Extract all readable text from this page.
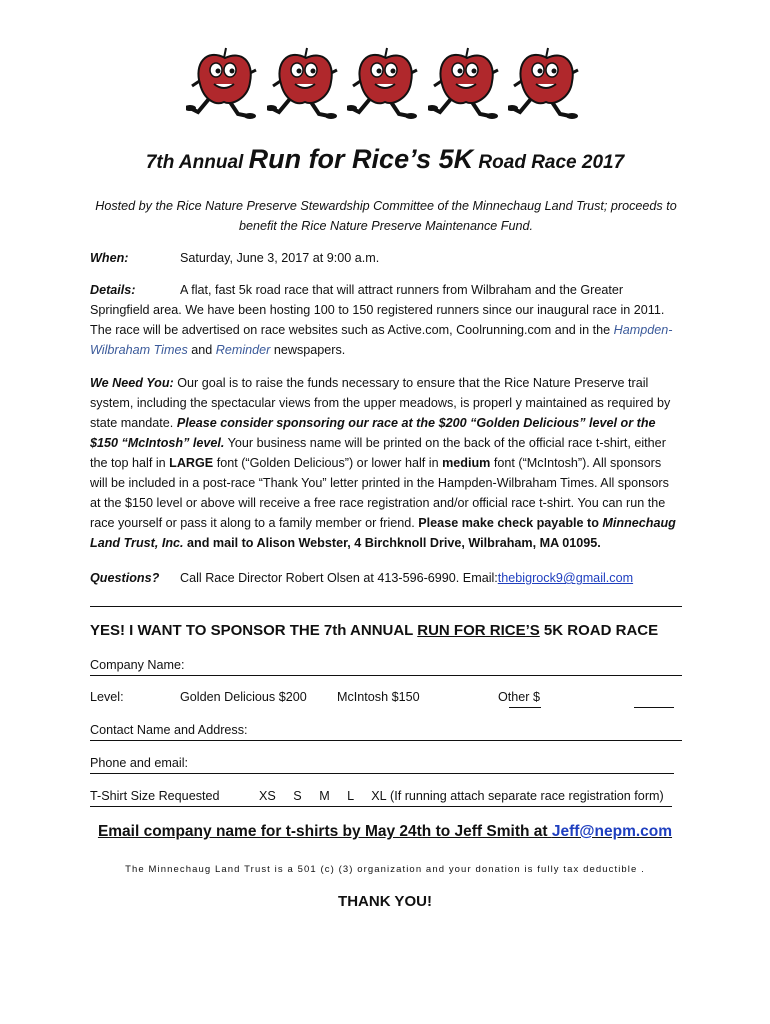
7th Annual Run for Rice’s 5K Road Race 2017
Hosted by the Rice Nature Preserve Stewardship Committee of the Minnechaug Land Trust; proceeds to benefit the Rice Nature Preserve Maintenance Fund.
When:	Saturday, June 3, 2017 at 9:00 a.m.
Details:	A flat, fast 5k road race that will attract runners from Wilbraham and the Greater Springfield area. We have been hosting 100 to 150 registered runners since our inaugural race in 2011. The race will be advertised on race websites such as Active.com, Coolrunning.com and in the Hampden-Wilbraham Times and Reminder newspapers.
We Need You: Our goal is to raise the funds necessary to ensure that the Rice Nature Preserve trail system, including the spectacular views from the upper meadows, is properl y maintained as required by state mandate. Please consider sponsoring our race at the $200 “Golden Delicious” level or the $150 “McIntosh” level. Your business name will be printed on the back of the official race t-shirt, either the top half in LARGE font (“Golden Delicious”) or lower half in medium font (“McIntosh”). All sponsors will be included in a post-race “Thank You” letter printed in the Hampden-Wilbraham Times. All sponsors at the $150 level or above will receive a free race registration and/or official race t-shirt. You can run the race yourself or pass it along to a family member or friend. Please make check payable to Minnechaug Land Trust, Inc. and mail to Alison Webster, 4 Birchknoll Drive, Wilbraham, MA 01095.
Questions? Call Race Director Robert Olsen at 413-596-6990. Email:thebigrock9@gmail.com
YES! I WANT TO SPONSOR THE 7th ANNUAL RUN FOR RICE’S 5K ROAD RACE
Company Name:
Level:	Golden Delicious $200 McIntosh $150	Other $
Contact Name and Address:
Phone and email:
T-Shirt Size Requested	XS     S     M     L     XL (If running attach separate race registration form)
Email company name for t-shirts by May 24th to Jeff Smith at Jeff@nepm.com
The Minnechaug Land Trust is a 501 (c) (3) organization and your donation is fully tax deductible .
THANK YOU!
